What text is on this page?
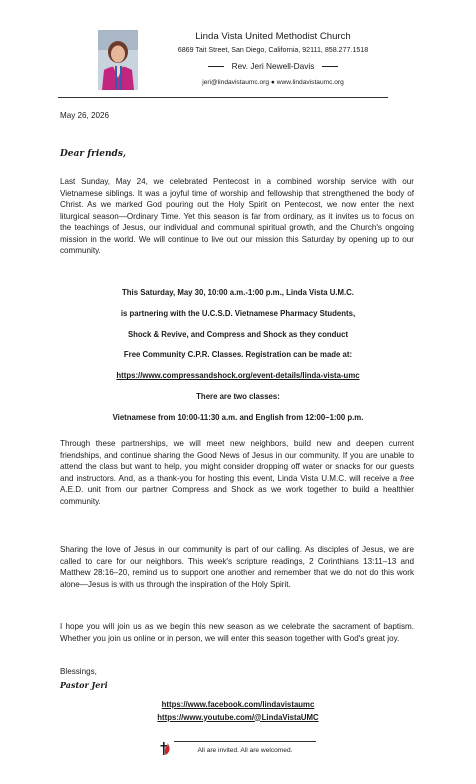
Linda Vista United Methodist Church
6869 Tait Street, San Diego, California, 92111, 858.277.1518
Rev. Jeri Newell-Davis
jeri@lindavistaumc.org ● www.lindavistaumc.org
May 26, 2026
Dear friends,
Last Sunday, May 24, we celebrated Pentecost in a combined worship service with our Vietnamese siblings. It was a joyful time of worship and fellowship that strengthened the body of Christ. As we marked God pouring out the Holy Spirit on Pentecost, we now enter the next liturgical season—Ordinary Time. Yet this season is far from ordinary, as it invites us to focus on the teachings of Jesus, our individual and communal spiritual growth, and the Church's ongoing mission in the world. We will continue to live out our mission this Saturday by opening up to our community.
This Saturday, May 30, 10:00 a.m.-1:00 p.m., Linda Vista U.M.C.
is partnering with the U.C.S.D. Vietnamese Pharmacy Students,
Shock & Revive, and Compress and Shock as they conduct
Free Community C.P.R. Classes. Registration can be made at:
https://www.compressandshock.org/event-details/linda-vista-umc
There are two classes:
Vietnamese from 10:00-11:30 a.m. and English from 12:00–1:00 p.m.
Through these partnerships, we will meet new neighbors, build new and deepen current friendships, and continue sharing the Good News of Jesus in our community. If you are unable to attend the class but want to help, you might consider dropping off water or snacks for our guests and instructors. And, as a thank-you for hosting this event, Linda Vista U.M.C. will receive a free A.E.D. unit from our partner Compress and Shock as we work together to build a healthier community.
Sharing the love of Jesus in our community is part of our calling. As disciples of Jesus, we are called to care for our neighbors. This week's scripture readings, 2 Corinthians 13:11–13 and Matthew 28:16–20, remind us to support one another and remember that we do not do this work alone—Jesus is with us through the inspiration of the Holy Spirit.
I hope you will join us as we begin this new season as we celebrate the sacrament of baptism. Whether you join us online or in person, we will enter this season together with God's great joy.
Blessings,
Pastor Jeri
https://www.facebook.com/lindavistaumc
https://www.youtube.com/@LindaVistaUMC
All are invited. All are welcomed.
